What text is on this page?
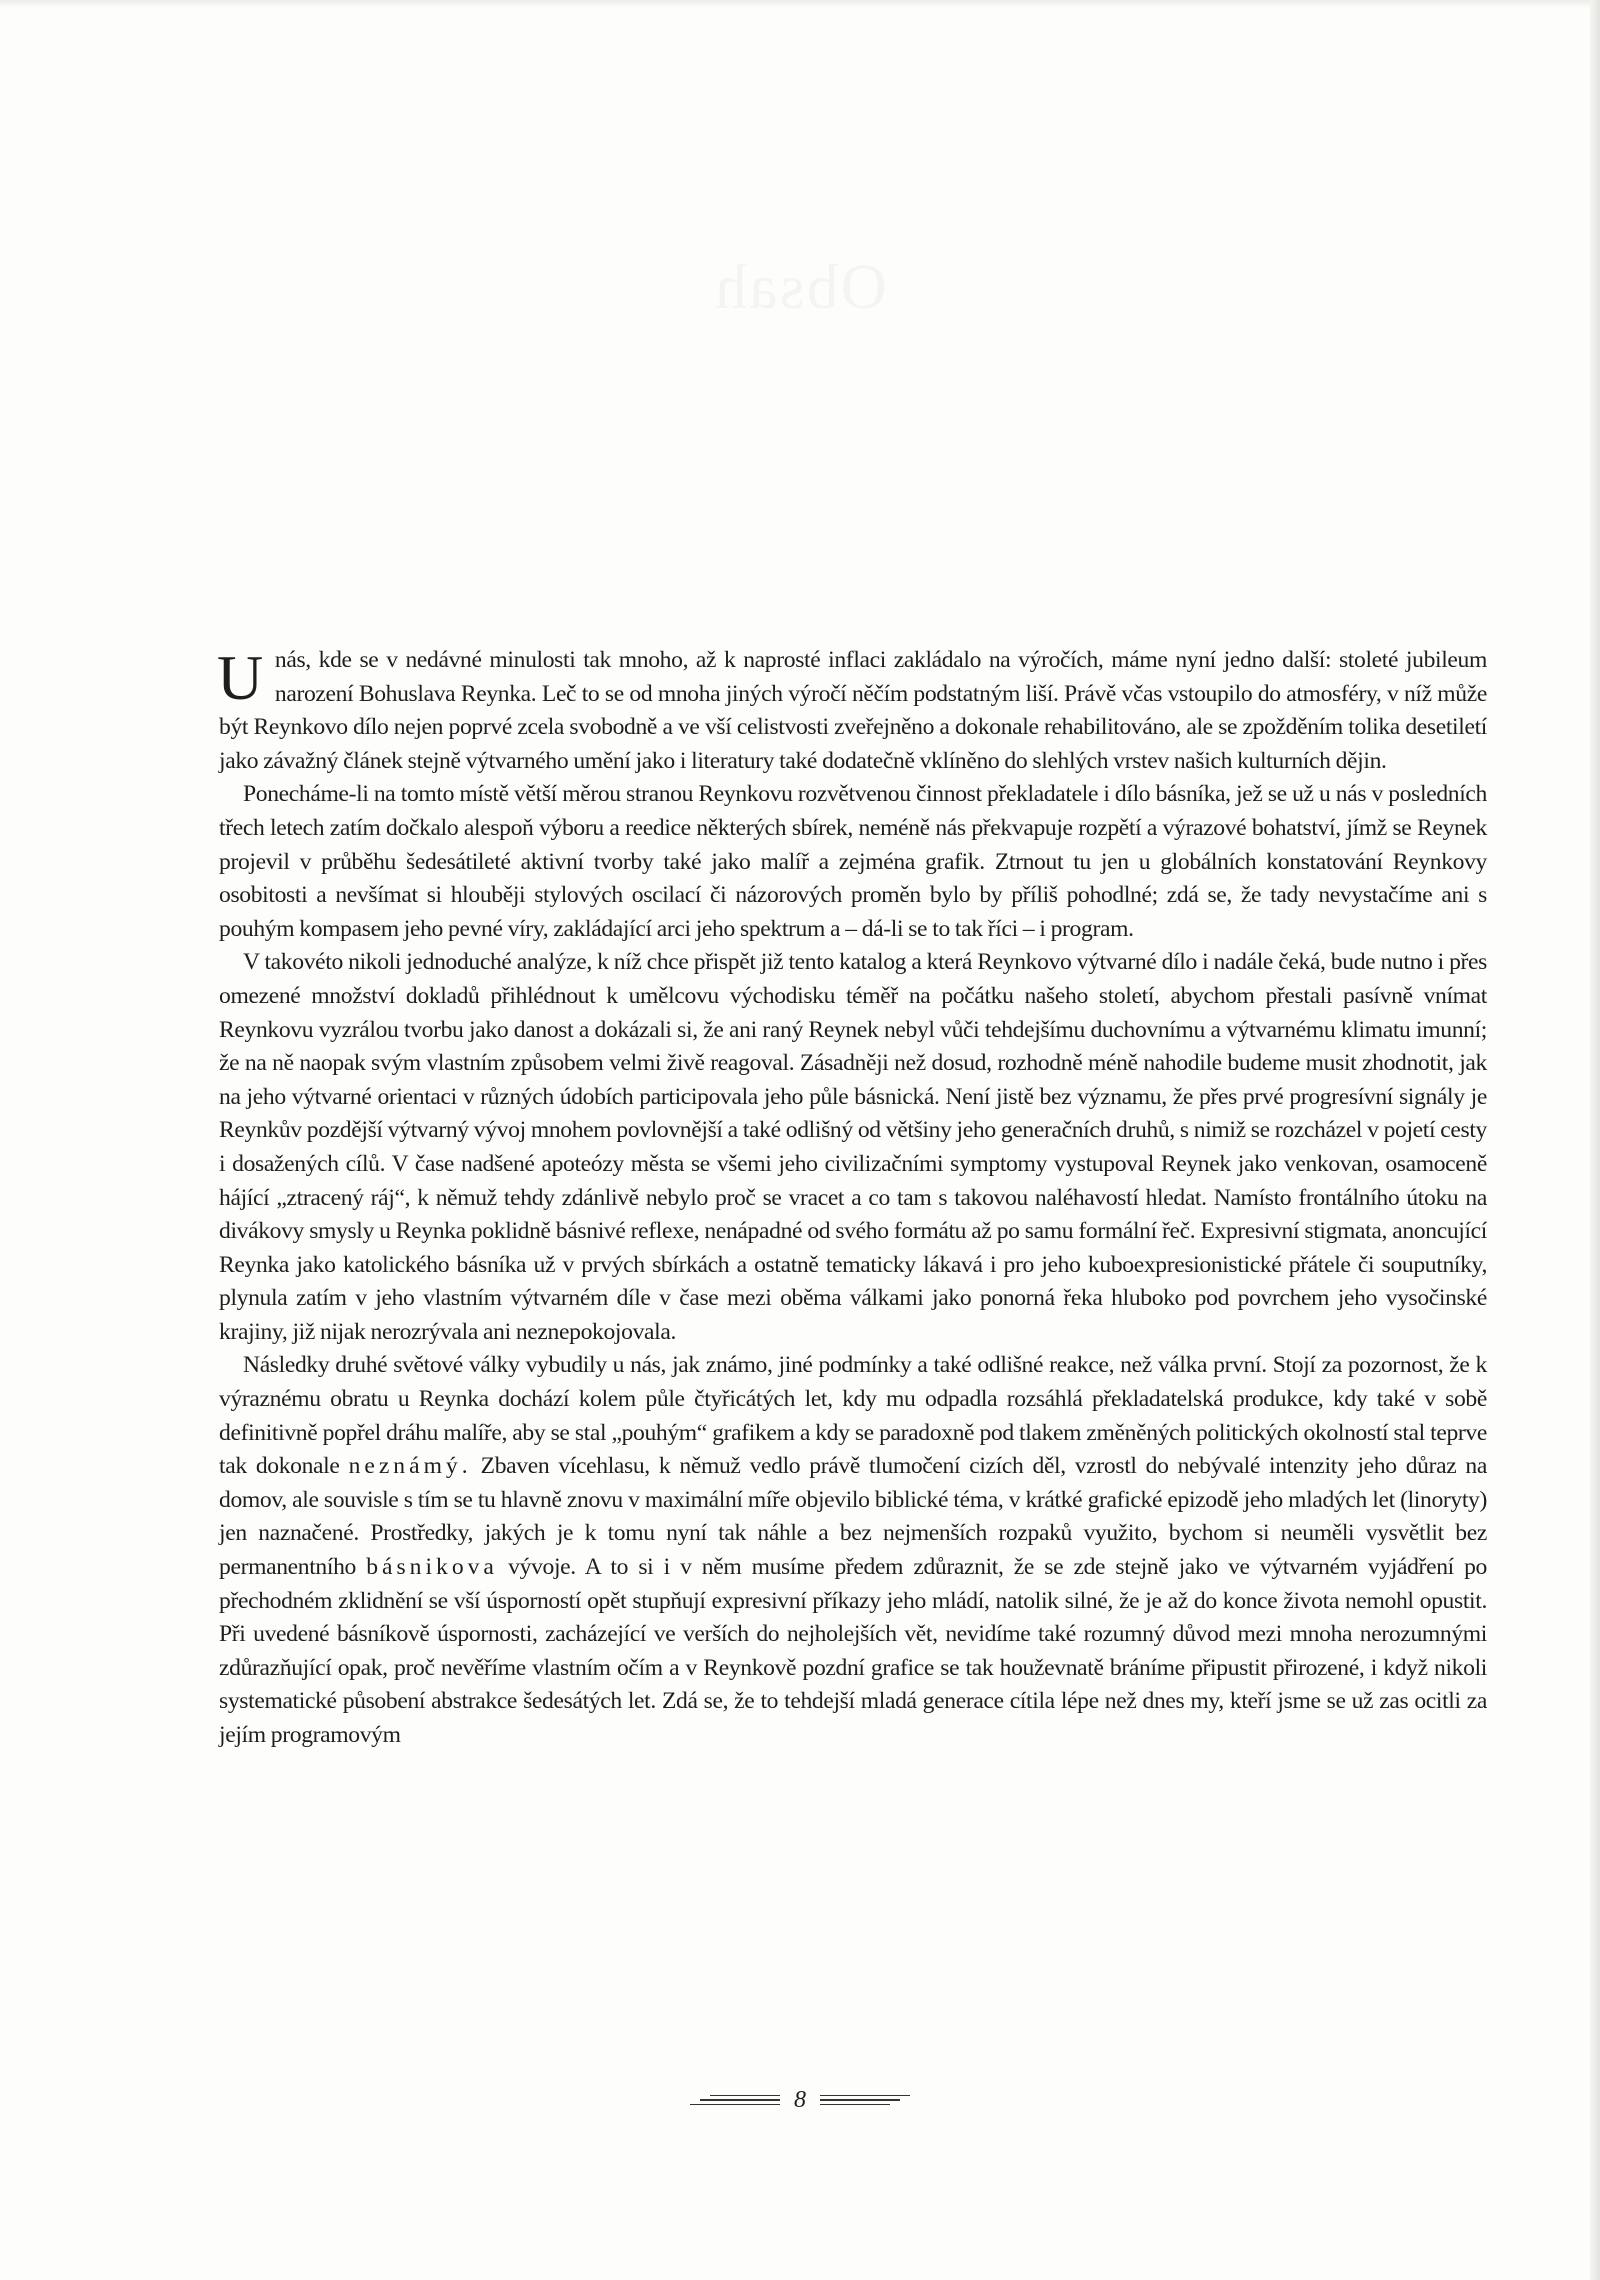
Unás, kde se v nedávné minulosti tak mnoho, až k naprosté inflaci zakládalo na výročích, máme nyní jedno další: stoleté jubileum narození Bohuslava Reynka. Leč to se od mnoha jiných výročí něčím podstatným liší. Právě včas vstoupilo do atmosféry, v níž může být Reynkovo dílo nejen poprvé zcela svobodně a ve vší celistvosti zveřejněno a dokonale rehabilitováno, ale se zpožděním tolika desetiletí jako závažný článek stejně výtvarného umění jako i literatury také dodatečně vklíněno do slehlých vrstev našich kulturních dějin.

Ponecháme-li na tomto místě větší měrou stranou Reynkovu rozvětvenou činnost překladatele i dílo básníka, jež se už u nás v posledních třech letech zatím dočkalo alespoň výboru a reedice některých sbírek, neméně nás překvapuje rozpětí a výrazové bohatství, jímž se Reynek projevil v průběhu šedesátileté aktivní tvorby také jako malíř a zejména grafik. Ztrnout tu jen u globálních konstatování Reynkovy osobitosti a nevšímat si hlouběji stylových oscilací či názorových proměn bylo by příliš pohodlné; zdá se, že tady nevystačíme ani s pouhým kompasem jeho pevné víry, zakládající arci jeho spektrum a – dá-li se to tak říci – i program.

V takovéto nikoli jednoduché analýze, k níž chce přispět již tento katalog a která Reynkovo výtvarné dílo i nadále čeká, bude nutno i přes omezené množství dokladů přihlédnout k umělcovu východisku téměř na počátku našeho století, abychom přestali pasívně vnímat Reynkovu vyzrálou tvorbu jako danost a dokázali si, že ani raný Reynek nebyl vůči tehdejšímu duchovnímu a výtvarnému klimatu imunní; že na ně naopak svým vlastním způsobem velmi živě reagoval. Zásadněji než dosud, rozhodně méně nahodile budeme musit zhodnotit, jak na jeho výtvarné orientaci v různých údobích participovala jeho půle básnická. Není jistě bez významu, že přes prvé progresívní signály je Reynkův pozdější výtvarný vývoj mnohem povlovnější a také odlišný od většiny jeho generačních druhů, s nimiž se rozcházel v pojetí cesty i dosažených cílů. V čase nadšené apoteózy města se všemi jeho civilizačními symptomy vystupoval Reynek jako venkovan, osamoceně hájící „ztracený ráj“, k němuž tehdy zdánlivě nebylo proč se vracet a co tam s takovou naléhavostí hledat. Namísto frontálního útoku na divákovy smysly u Reynka poklidně básnivé reflexe, nenápadné od svého formátu až po samu formální řeč. Expresivní stigmata, anoncující Reynka jako katolického básníka už v prvých sbírkách a ostatně tematicky lákavá i pro jeho kuboexpresionistické přátele či souputníky, plynula zatím v jeho vlastním výtvarném díle v čase mezi oběma válkami jako ponorná řeka hluboko pod povrchem jeho vysočinské krajiny, již nijak nerozrývala ani neznepokojovala.

Následky druhé světové války vybudily u nás, jak známo, jiné podmínky a také odlišné reakce, než válka první. Stojí za pozornost, že k výraznému obratu u Reynka dochází kolem půle čtyřicátých let, kdy mu odpadla rozsáhlá překladatelská produkce, kdy také v sobě definitivně popřel dráhu malíře, aby se stal „pouhým“ grafikem a kdy se paradoxně pod tlakem změněných politických okolností stal teprve tak dokonale neznámý. Zbaven vícehlasu, k němuž vedlo právě tlumočení cizích děl, vzrostl do nebývalé intenzity jeho důraz na domov, ale souvisle s tím se tu hlavně znovu v maximální míře objevilo biblické téma, v krátké grafické epizodě jeho mladých let (linoryty) jen naznačené. Prostředky, jakých je k tomu nyní tak náhle a bez nejmenších rozpaků využito, bychom si neuměli vysvětlit bez permanentního básnikova vývoje. A to si i v něm musíme předem zdůraznit, že se zde stejně jako ve výtvarném vyjádření po přechodném zklidnění se vší úsporností opět stupňují expresivní příkazy jeho mládí, natolik silné, že je až do konce života nemohl opustit. Při uvedené básníkově úspornosti, zacházející ve verších do nejholejších vět, nevidíme také rozumný důvod mezi mnoha nerozumnými zdůrazňující opak, proč nevěříme vlastním očím a v Reynkově pozdní grafice se tak houževnatě bráníme připustit přirozené, i když nikoli systematické působení abstrakce šedesátých let. Zdá se, že to tehdejší mladá generace cítila lépe než dnes my, kteří jsme se už zas ocitli za jejím programovým

8
